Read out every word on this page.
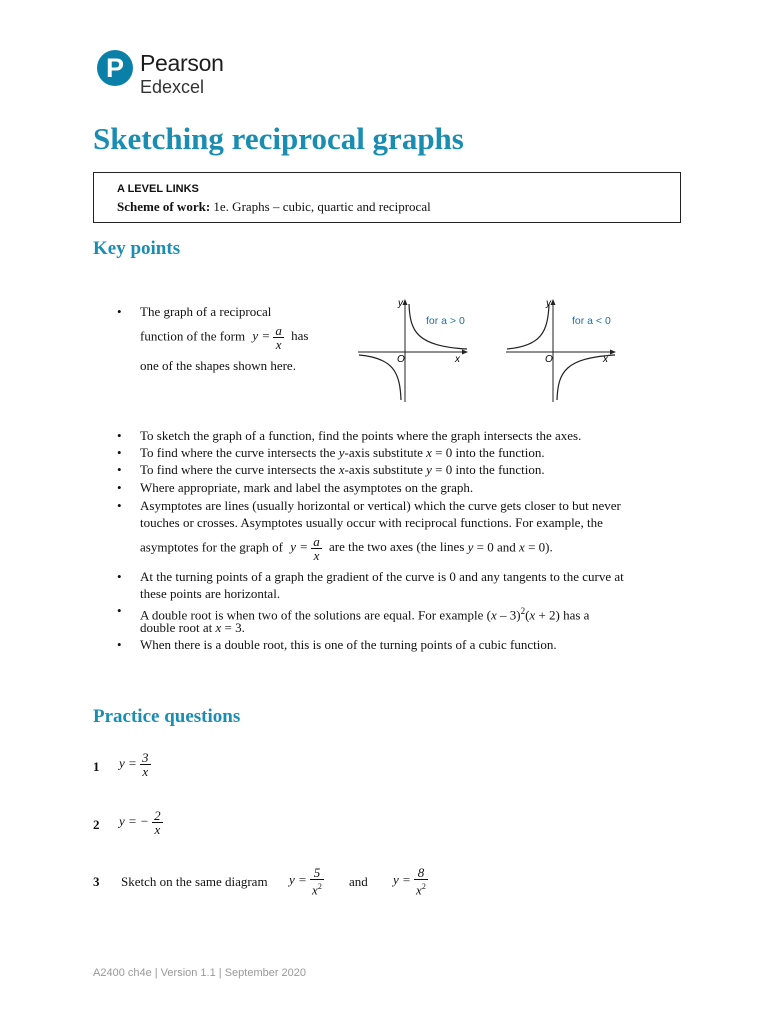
P Pearson
Edexcel
Sketching reciprocal graphs
A LEVEL LINKS
Scheme of work: 1e. Graphs – cubic, quartic and reciprocal
Key points
• The graph of a reciprocal
function of the form $y = \frac{a}{x}$ has
one of the shapes shown here.
y
x
O
for a > 0
y
x
O
for a < 0
• To sketch the graph of a function, find the points where the graph intersects the axes.
• To find where the curve intersects the y-axis substitute x = 0 into the function.
• To find where the curve intersects the x-axis substitute y = 0 into the function.
• Where appropriate, mark and label the asymptotes on the graph.
• Asymptotes are lines (usually horizontal or vertical) which the curve gets closer to but never
touches or crosses. Asymptotes usually occur with reciprocal functions. For example, the
asymptotes for the graph of $y = \frac{a}{x}$ are the two axes (the lines y = 0 and x = 0).
• At the turning points of a graph the gradient of the curve is 0 and any tangents to the curve at
these points are horizontal.
• A double root is when two of the solutions are equal. For example (x – 3)$^2$(x + 2) has a
double root at x = 3.
• When there is a double root, this is one of the turning points of a cubic function.
Practice questions
1 $y = \frac{3}{x}$
2 y = − $\frac{2}{x}$
3 Sketch on the same diagram $y = \frac{5}{x^2}$ and $y = \frac{8}{x^2}$
A2400 ch4e | Version 1.1 | September 2020
